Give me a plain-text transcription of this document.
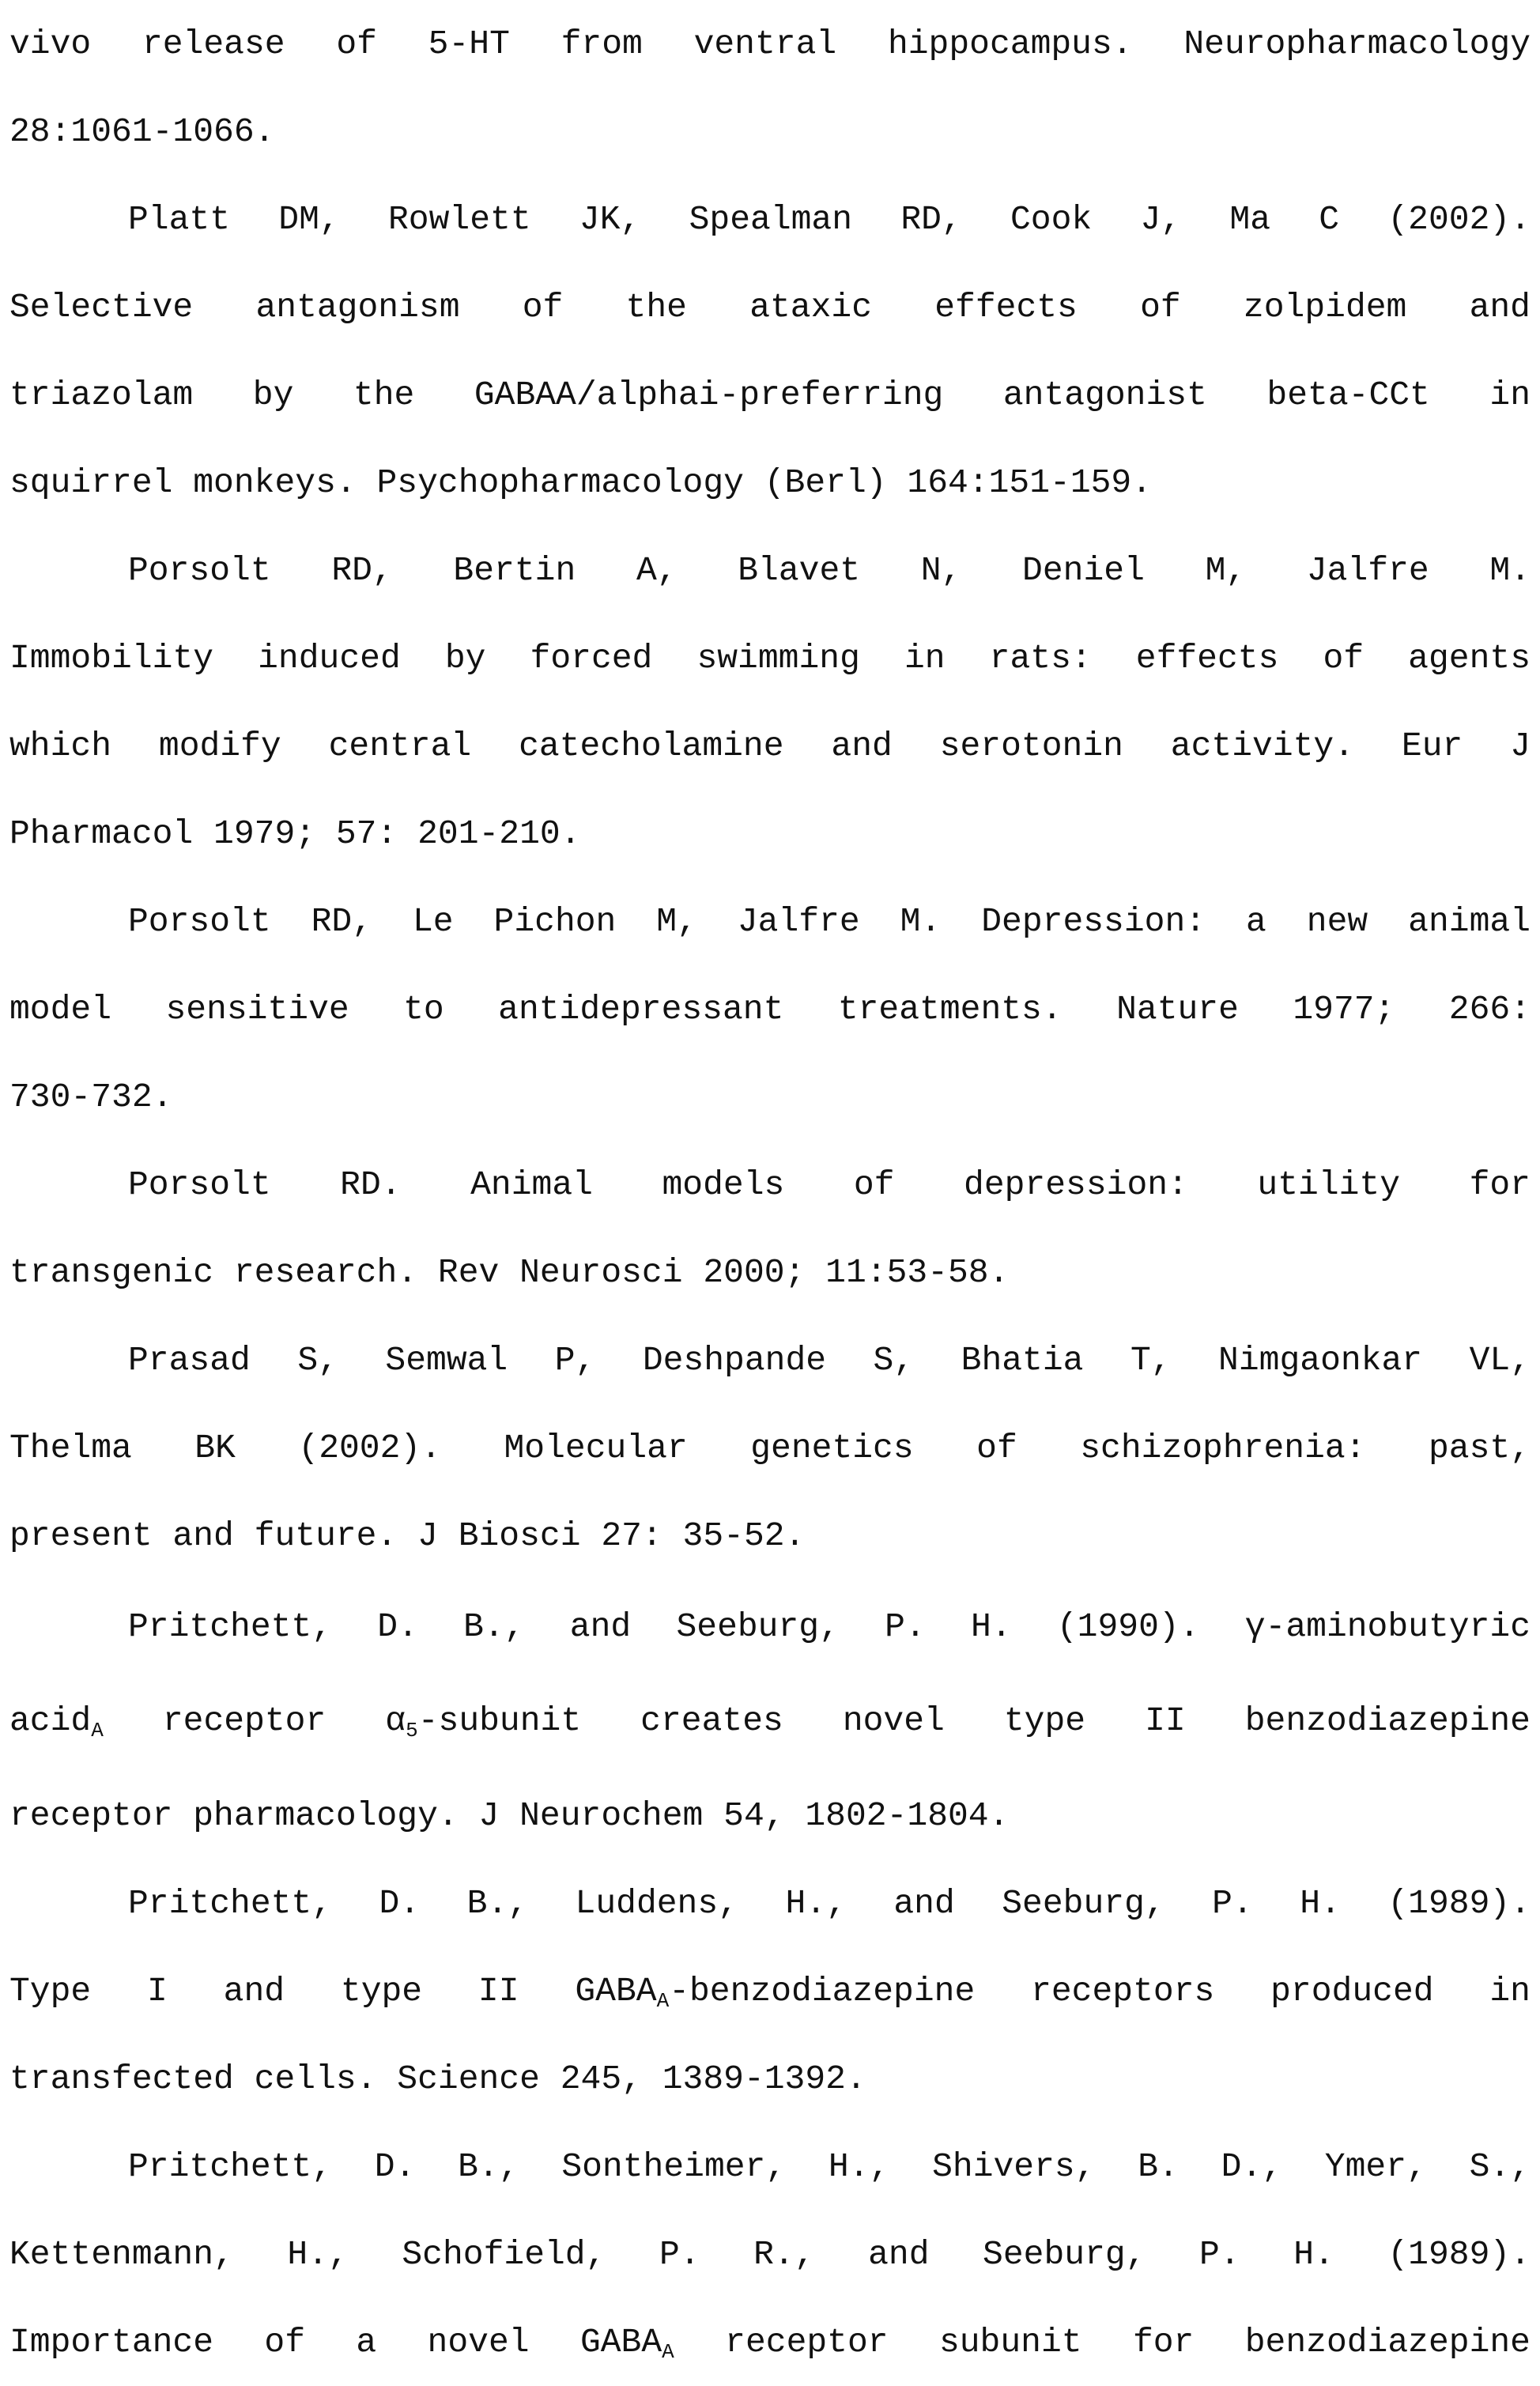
vivo release of 5-HT from ventral hippocampus. Neuropharmacology
28:1061-1066.
Platt DM, Rowlett JK, Spealman RD, Cook J, Ma C (2002).
Selective antagonism of the ataxic effects of zolpidem and
triazolam by the GABAA/alphai-preferring antagonist beta-CCt in
squirrel monkeys. Psychopharmacology (Berl) 164:151-159.
Porsolt RD, Bertin A, Blavet N, Deniel M, Jalfre M.
Immobility induced by forced swimming in rats: effects of agents
which modify central catecholamine and serotonin activity. Eur J
Pharmacol 1979; 57: 201-210.
Porsolt RD, Le Pichon M, Jalfre M. Depression: a new animal
model sensitive to antidepressant treatments. Nature 1977; 266:
730-732.
Porsolt RD. Animal models of depression: utility for
transgenic research. Rev Neurosci 2000; 11:53-58.
Prasad S, Semwal P, Deshpande S, Bhatia T, Nimgaonkar VL,
Thelma BK (2002). Molecular genetics of schizophrenia: past,
present and future. J Biosci 27: 35-52.
Pritchett, D. B., and Seeburg, P. H. (1990). γ-aminobutyric
acidA receptor α5-subunit creates novel type II benzodiazepine
receptor pharmacology. J Neurochem 54, 1802-1804.
Pritchett, D. B., Luddens, H., and Seeburg, P. H. (1989).
Type I and type II GABAA-benzodiazepine receptors produced in
transfected cells. Science 245, 1389-1392.
Pritchett, D. B., Sontheimer, H., Shivers, B. D., Ymer, S.,
Kettenmann, H., Schofield, P. R., and Seeburg, P. H. (1989).
Importance of a novel GABAA receptor subunit for benzodiazepine
